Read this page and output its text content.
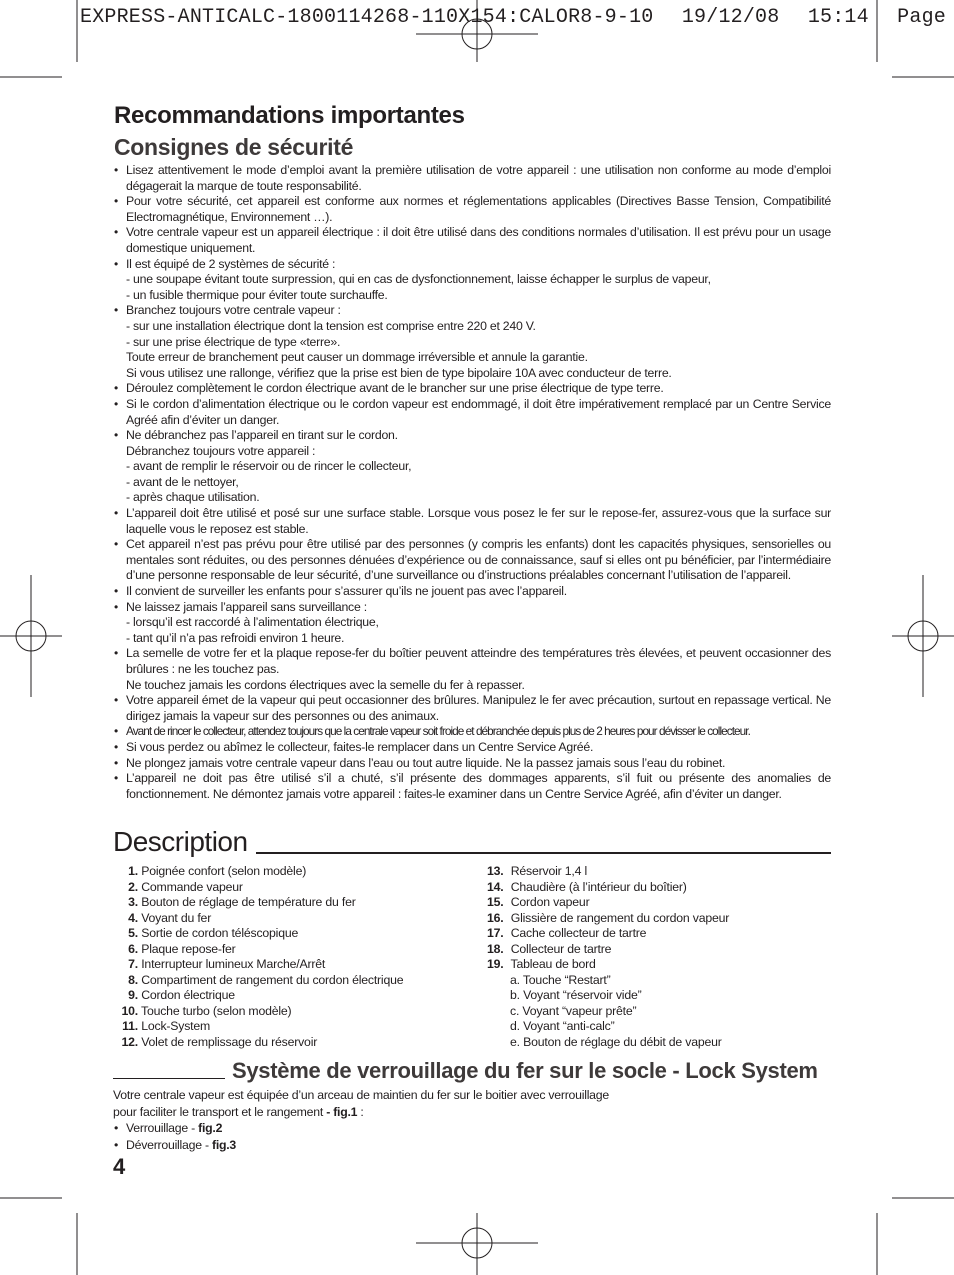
EXPRESS-ANTICALC-1800114268-110X154:CALOR8-9-10 19/12/08 15:14 Page
Recommandations importantes
Consignes de sécurité
• Lisez attentivement le mode d’emploi avant la première utilisation de votre appareil : une utilisation non conforme au mode d’emploi dégagerait la marque de toute responsabilité.
• Pour votre sécurité, cet appareil est conforme aux normes et réglementations applicables (Directives Basse Tension, Compatibilité Electromagnétique, Environnement …).
• Votre centrale vapeur est un appareil électrique : il doit être utilisé dans des conditions normales d’utilisation. Il est prévu pour un usage domestique uniquement.
• Il est équipé de 2 systèmes de sécurité :
- une soupape évitant toute surpression, qui en cas de dysfonctionnement, laisse échapper le surplus de vapeur,
- un fusible thermique pour éviter toute surchauffe.
• Branchez toujours votre centrale vapeur :
- sur une installation électrique dont la tension est comprise entre 220 et 240 V.
- sur une prise électrique de type «terre».
Toute erreur de branchement peut causer un dommage irréversible et annule la garantie.
Si vous utilisez une rallonge, vérifiez que la prise est bien de type bipolaire 10A avec conducteur de terre.
• Déroulez complètement le cordon électrique avant de le brancher sur une prise électrique de type terre.
• Si le cordon d’alimentation électrique ou le cordon vapeur est endommagé, il doit être impérativement remplacé par un Centre Service Agréé afin d’éviter un danger.
• Ne débranchez pas l’appareil en tirant sur le cordon.
Débranchez toujours votre appareil :
- avant de remplir le réservoir ou de rincer le collecteur,
- avant de le nettoyer,
- après chaque utilisation.
• L’appareil doit être utilisé et posé sur une surface stable. Lorsque vous posez le fer sur le repose-fer, assurez-vous que la surface sur laquelle vous le reposez est stable.
• Cet appareil n’est pas prévu pour être utilisé par des personnes (y compris les enfants) dont les capacités physiques, sensorielles ou mentales sont réduites, ou des personnes dénuées d’expérience ou de connaissance, sauf si elles ont pu bénéficier, par l’intermédiaire d’une personne responsable de leur sécurité, d’une surveillance ou d’instructions préalables concernant l’utilisation de l’appareil.
• Il convient de surveiller les enfants pour s’assurer qu’ils ne jouent pas avec l’appareil.
• Ne laissez jamais l’appareil sans surveillance :
- lorsqu’il est raccordé à l’alimentation électrique,
- tant qu’il n’a pas refroidi environ 1 heure.
• La semelle de votre fer et la plaque repose-fer du boîtier peuvent atteindre des températures très élevées, et peuvent occasionner des brûlures : ne les touchez pas.
Ne touchez jamais les cordons électriques avec la semelle du fer à repasser.
• Votre appareil émet de la vapeur qui peut occasionner des brûlures. Manipulez le fer avec précaution, surtout en repassage vertical. Ne dirigez jamais la vapeur sur des personnes ou des animaux.
• Avant de rincer le collecteur, attendez toujours que la centrale vapeur soit froide et débranchée depuis plus de 2 heures pour dévisser le collecteur.
• Si vous perdez ou abîmez le collecteur, faites-le remplacer dans un Centre Service Agréé.
• Ne plongez jamais votre centrale vapeur dans l’eau ou tout autre liquide. Ne la passez jamais sous l’eau du robinet.
• L’appareil ne doit pas être utilisé s’il a chuté, s’il présente des dommages apparents, s’il fuit ou présente des anomalies de fonctionnement. Ne démontez jamais votre appareil : faites-le examiner dans un Centre Service Agréé, afin d’éviter un danger.
Description
1. Poignée confort (selon modèle)
2. Commande vapeur
3. Bouton de réglage de température du fer
4. Voyant du fer
5. Sortie de cordon téléscopique
6. Plaque repose-fer
7. Interrupteur lumineux Marche/Arrêt
8. Compartiment de rangement du cordon électrique
9. Cordon électrique
10. Touche turbo (selon modèle)
11. Lock-System
12. Volet de remplissage du réservoir
13. Réservoir 1,4 l
14. Chaudière (à l’intérieur du boîtier)
15. Cordon vapeur
16. Glissière de rangement du cordon vapeur
17. Cache collecteur de tartre
18. Collecteur de tartre
19. Tableau de bord
a. Touche “Restart”
b. Voyant “réservoir vide”
c. Voyant “vapeur prête”
d. Voyant “anti-calc”
e. Bouton de réglage du débit de vapeur
Système de verrouillage du fer sur le socle - Lock System

Votre centrale vapeur est équipée d’un arceau de maintien du fer sur le boitier avec verrouillage

pour faciliter le transport et le rangement - fig.1 :

• Verrouillage - fig.2
• Déverrouillage - fig.3
4
